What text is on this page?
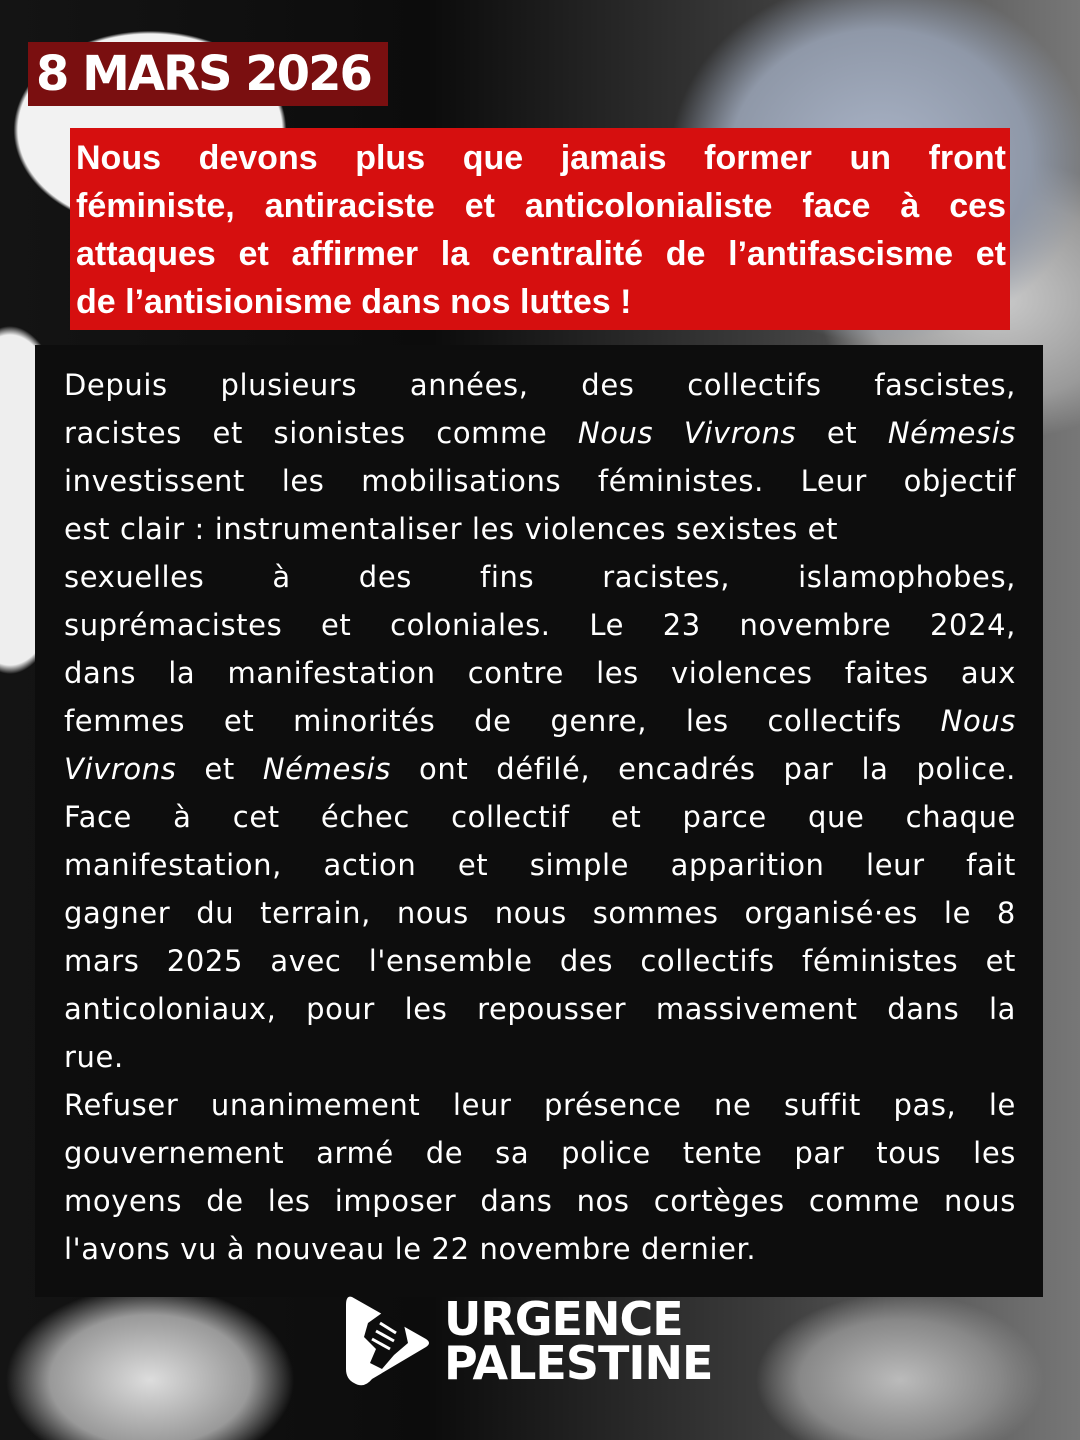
8 MARS 2026
Nous devons plus que jamais former un front
féministe, antiraciste et anticolonialiste face à ces
attaques et affirmer la centralité de l’antifascisme et
de l’antisionisme dans nos luttes !
Depuis plusieurs années, des collectifs fascistes,
racistes et sionistes comme Nous Vivrons et Némesis
investissent les mobilisations féministes. Leur objectif
est clair : instrumentaliser les violences sexistes et
sexuelles à des fins racistes, islamophobes,
suprémacistes et coloniales. Le 23 novembre 2024,
dans la manifestation contre les violences faites aux
femmes et minorités de genre, les collectifs Nous
Vivrons et Némesis ont défilé, encadrés par la police.
Face à cet échec collectif et parce que chaque
manifestation, action et simple apparition leur fait
gagner du terrain, nous nous sommes organisé·es le 8
mars 2025 avec l'ensemble des collectifs féministes et
anticoloniaux, pour les repousser massivement dans la
rue.
Refuser unanimement leur présence ne suffit pas, le
gouvernement armé de sa police tente par tous les
moyens de les imposer dans nos cortèges comme nous
l'avons vu à nouveau le 22 novembre dernier.
URGENCE
PALESTINE
